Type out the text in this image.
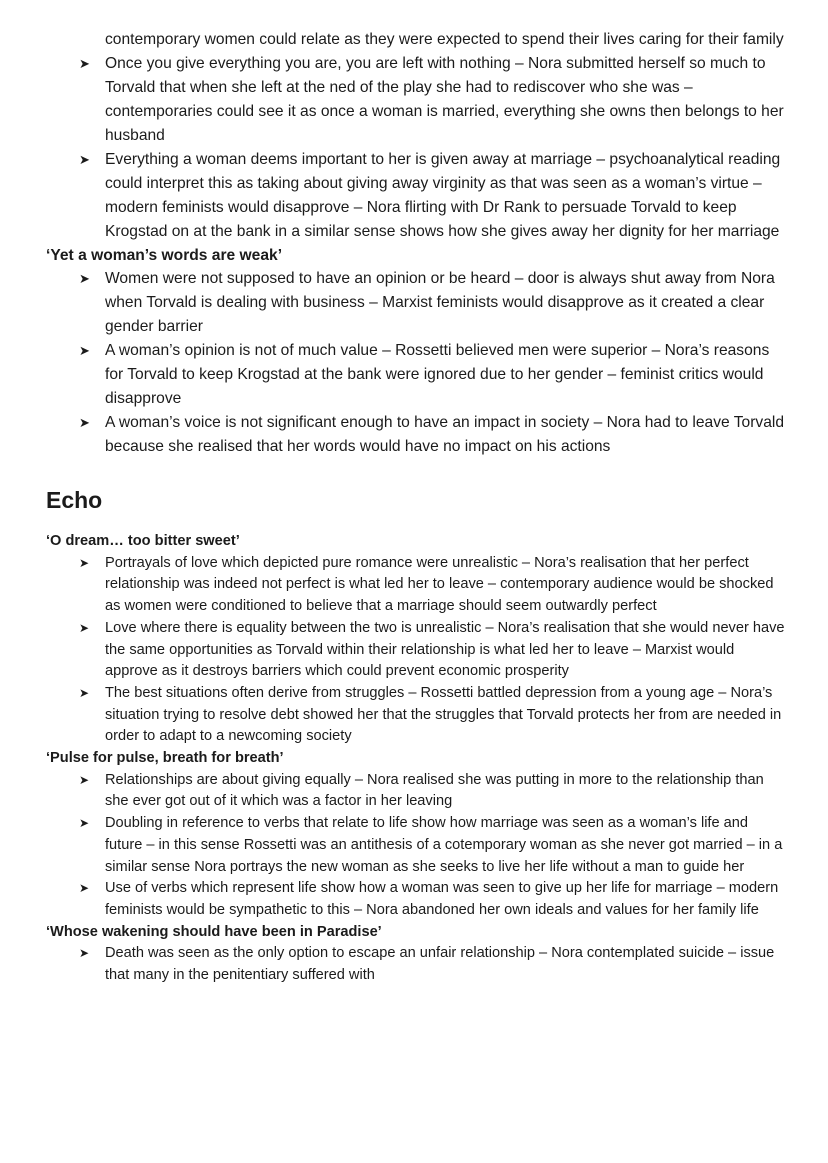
contemporary women could relate as they were expected to spend their lives caring for their family
➤ Once you give everything you are, you are left with nothing – Nora submitted herself so much to Torvald that when she left at the ned of the play she had to rediscover who she was – contemporaries could see it as once a woman is married, everything she owns then belongs to her husband
➤ Everything a woman deems important to her is given away at marriage – psychoanalytical reading could interpret this as taking about giving away virginity as that was seen as a woman’s virtue – modern feminists would disapprove – Nora flirting with Dr Rank to persuade Torvald to keep Krogstad on at the bank in a similar sense shows how she gives away her dignity for her marriage
‘Yet a woman’s words are weak’
➤ Women were not supposed to have an opinion or be heard – door is always shut away from Nora when Torvald is dealing with business – Marxist feminists would disapprove as it created a clear gender barrier
➤ A woman’s opinion is not of much value – Rossetti believed men were superior – Nora’s reasons for Torvald to keep Krogstad at the bank were ignored due to her gender – feminist critics would disapprove
➤ A woman’s voice is not significant enough to have an impact in society – Nora had to leave Torvald because she realised that her words would have no impact on his actions
Echo
‘O dream… too bitter sweet’
➤ Portrayals of love which depicted pure romance were unrealistic – Nora’s realisation that her perfect relationship was indeed not perfect is what led her to leave – contemporary audience would be shocked as women were conditioned to believe that a marriage should seem outwardly perfect
➤ Love where there is equality between the two is unrealistic – Nora’s realisation that she would never have the same opportunities as Torvald within their relationship is what led her to leave – Marxist would approve as it destroys barriers which could prevent economic prosperity
➤ The best situations often derive from struggles – Rossetti battled depression from a young age – Nora’s situation trying to resolve debt showed her that the struggles that Torvald protects her from are needed in order to adapt to a newcoming society
‘Pulse for pulse, breath for breath’
➤ Relationships are about giving equally – Nora realised she was putting in more to the relationship than she ever got out of it which was a factor in her leaving
➤ Doubling in reference to verbs that relate to life show how marriage was seen as a woman’s life and future – in this sense Rossetti was an antithesis of a cotemporary woman as she never got married – in a similar sense Nora portrays the new woman as she seeks to live her life without a man to guide her
➤ Use of verbs which represent life show how a woman was seen to give up her life for marriage – modern feminists would be sympathetic to this – Nora abandoned her own ideals and values for her family life
‘Whose wakening should have been in Paradise’
➤ Death was seen as the only option to escape an unfair relationship – Nora contemplated suicide – issue that many in the penitentiary suffered with
